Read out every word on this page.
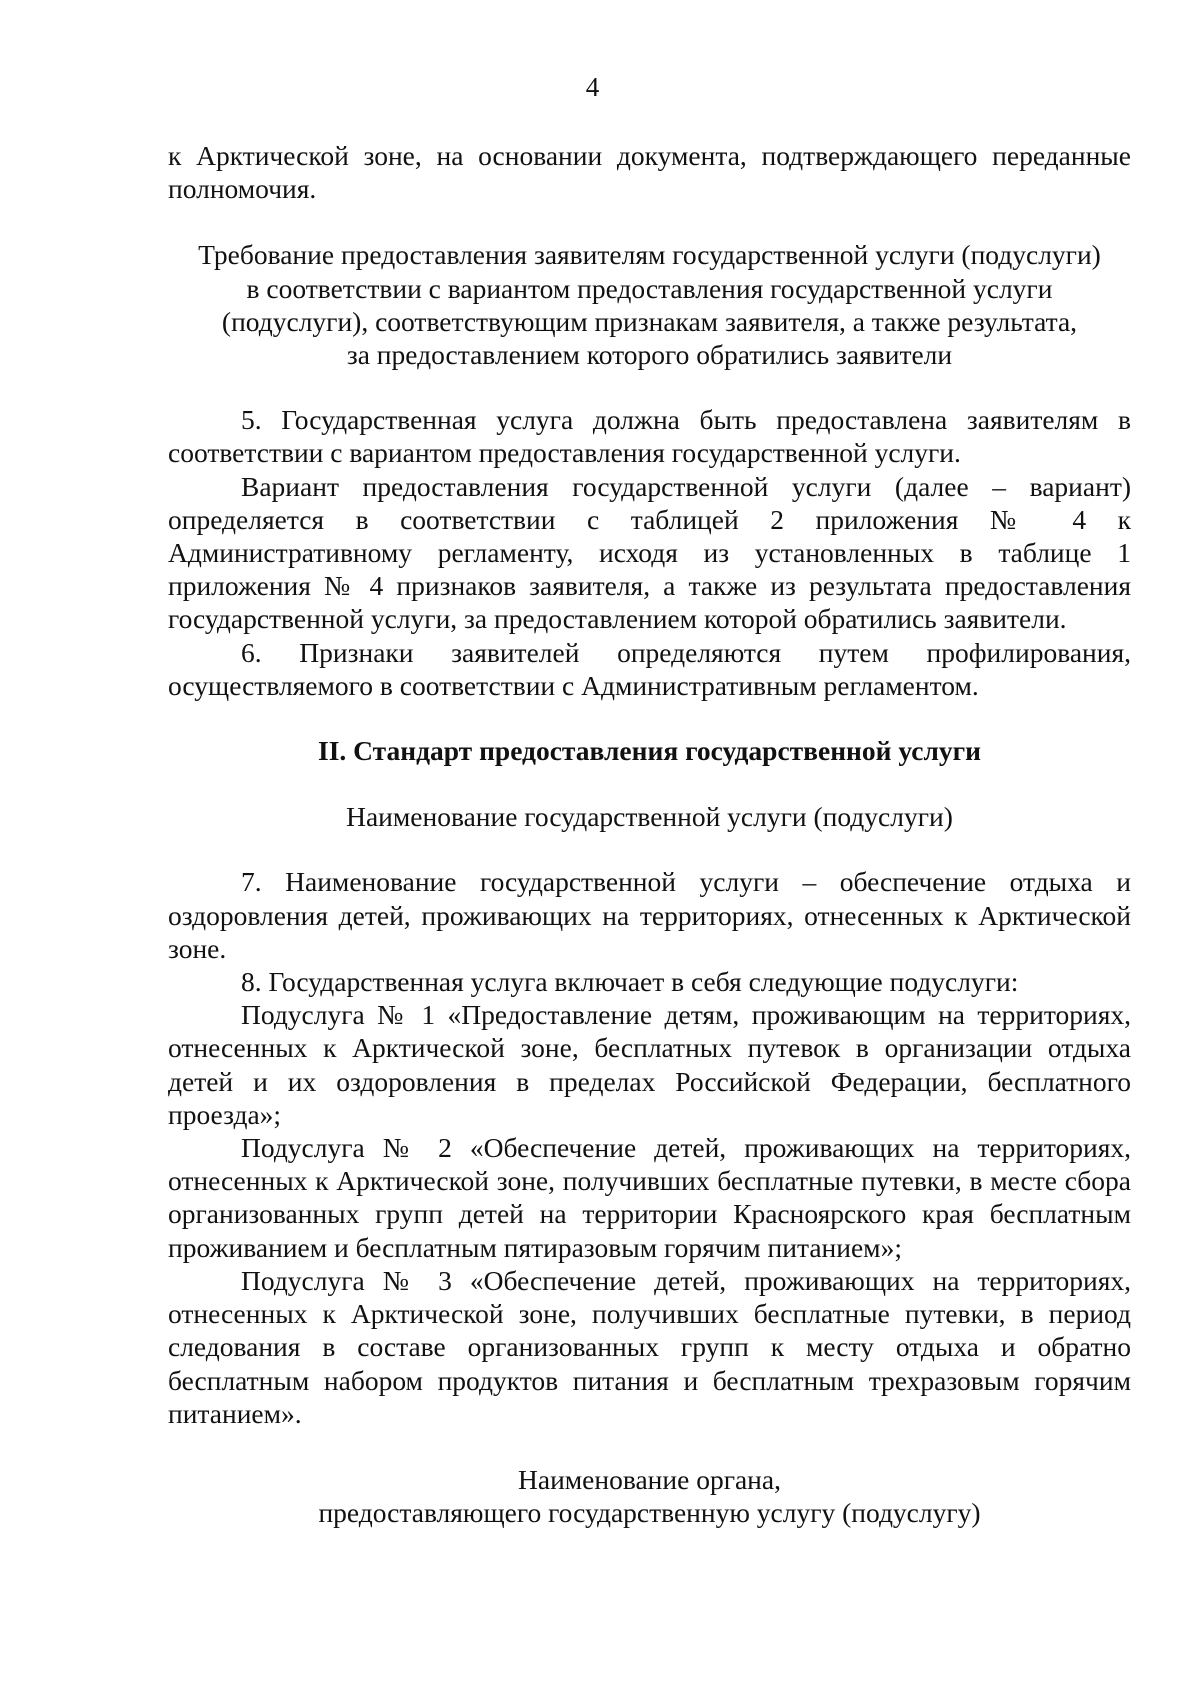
4

к Арктической зоне, на основании документа, подтверждающего переданные полномочия.

Требование предоставления заявителям государственной услуги (подуслуги)
в соответствии с вариантом предоставления государственной услуги
(подуслуги), соответствующим признакам заявителя, а также результата,
за предоставлением которого обратились заявители

5. Государственная услуга должна быть предоставлена заявителям в соответствии с вариантом предоставления государственной услуги.

Вариант предоставления государственной услуги (далее – вариант) определяется в соответствии с таблицей 2 приложения № 4 к Административному регламенту, исходя из установленных в таблице 1 приложения № 4 признаков заявителя, а также из результата предоставления государственной услуги, за предоставлением которой обратились заявители.

6. Признаки заявителей определяются путем профилирования, осуществляемого в соответствии с Административным регламентом.

II. Стандарт предоставления государственной услуги

Наименование государственной услуги (подуслуги)

7. Наименование государственной услуги – обеспечение отдыха и оздоровления детей, проживающих на территориях, отнесенных к Арктической зоне.

8. Государственная услуга включает в себя следующие подуслуги:

Подуслуга № 1 «Предоставление детям, проживающим на территориях, отнесенных к Арктической зоне, бесплатных путевок в организации отдыха детей и их оздоровления в пределах Российской Федерации, бесплатного проезда»;

Подуслуга № 2 «Обеспечение детей, проживающих на территориях, отнесенных к Арктической зоне, получивших бесплатные путевки, в месте сбора организованных групп детей на территории Красноярского края бесплатным проживанием и бесплатным пятиразовым горячим питанием»;

Подуслуга № 3 «Обеспечение детей, проживающих на территориях, отнесенных к Арктической зоне, получивших бесплатные путевки, в период следования в составе организованных групп к месту отдыха и обратно бесплатным набором продуктов питания и бесплатным трехразовым горячим питанием».

Наименование органа,
предоставляющего государственную услугу (подуслугу)
